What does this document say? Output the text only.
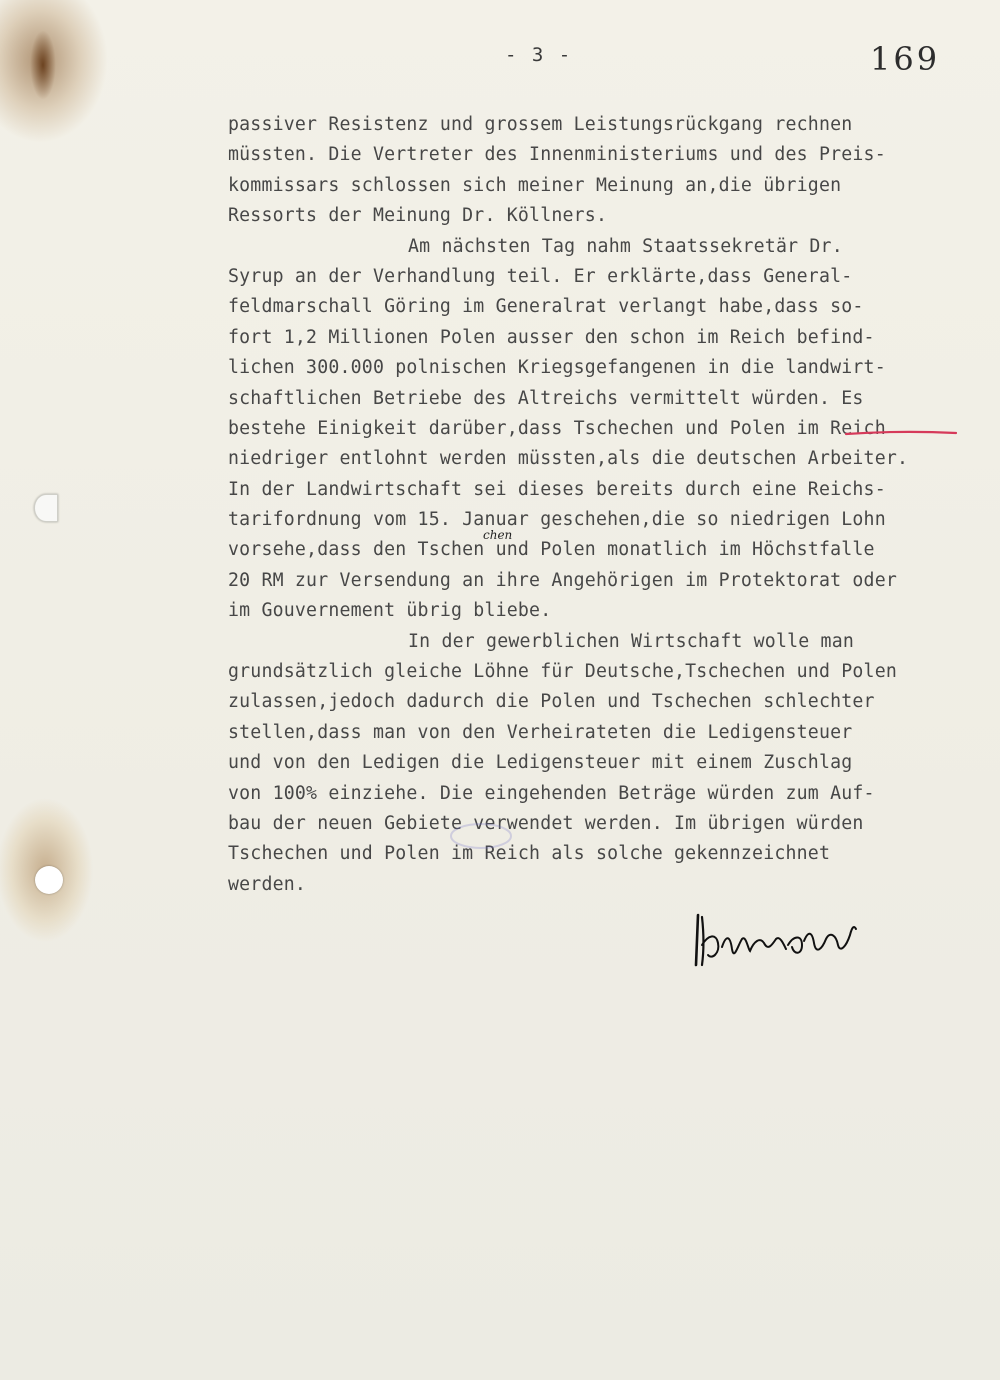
- 3 -	169
passiver Resistenz und grossem Leistungsrückgang rechnen
müssten. Die Vertreter des Innenministeriums und des Preis-
kommissars schlossen sich meiner Meinung an,die übrigen
Ressorts der Meinung Dr. Köllners.
Am nächsten Tag nahm Staatssekretär Dr.
Syrup an der Verhandlung teil. Er erklärte,dass General-
feldmarschall Göring im Generalrat verlangt habe,dass so-
fort 1,2 Millionen Polen ausser den schon im Reich befind-
lichen 300.000 polnischen Kriegsgefangenen in die landwirt-
schaftlichen Betriebe des Altreichs vermittelt würden. Es
bestehe Einigkeit darüber,dass Tschechen und Polen im Reich
niedriger entlohnt werden müssten,als die deutschen Arbeiter.
In der Landwirtschaft sei dieses bereits durch eine Reichs-
tarifordnung vom 15. Januar geschehen,die so niedrigen Lohn
vorsehe,dass den Tschen und Polen monatlich im Höchstfalle
20 RM zur Versendung an ihre Angehörigen im Protektorat oder
im Gouvernement übrig bliebe.
In der gewerblichen Wirtschaft wolle man
grundsätzlich gleiche Löhne für Deutsche,Tschechen und Polen
zulassen,jedoch dadurch die Polen und Tschechen schlechter
stellen,dass man von den Verheirateten die Ledigensteuer
und von den Ledigen die Ledigensteuer mit einem Zuschlag
von 100% einziehe. Die eingehenden Beträge würden zum Auf-
bau der neuen Gebiete verwendet werden. Im übrigen würden
Tschechen und Polen im Reich als solche gekennzeichnet
werden.
chen
